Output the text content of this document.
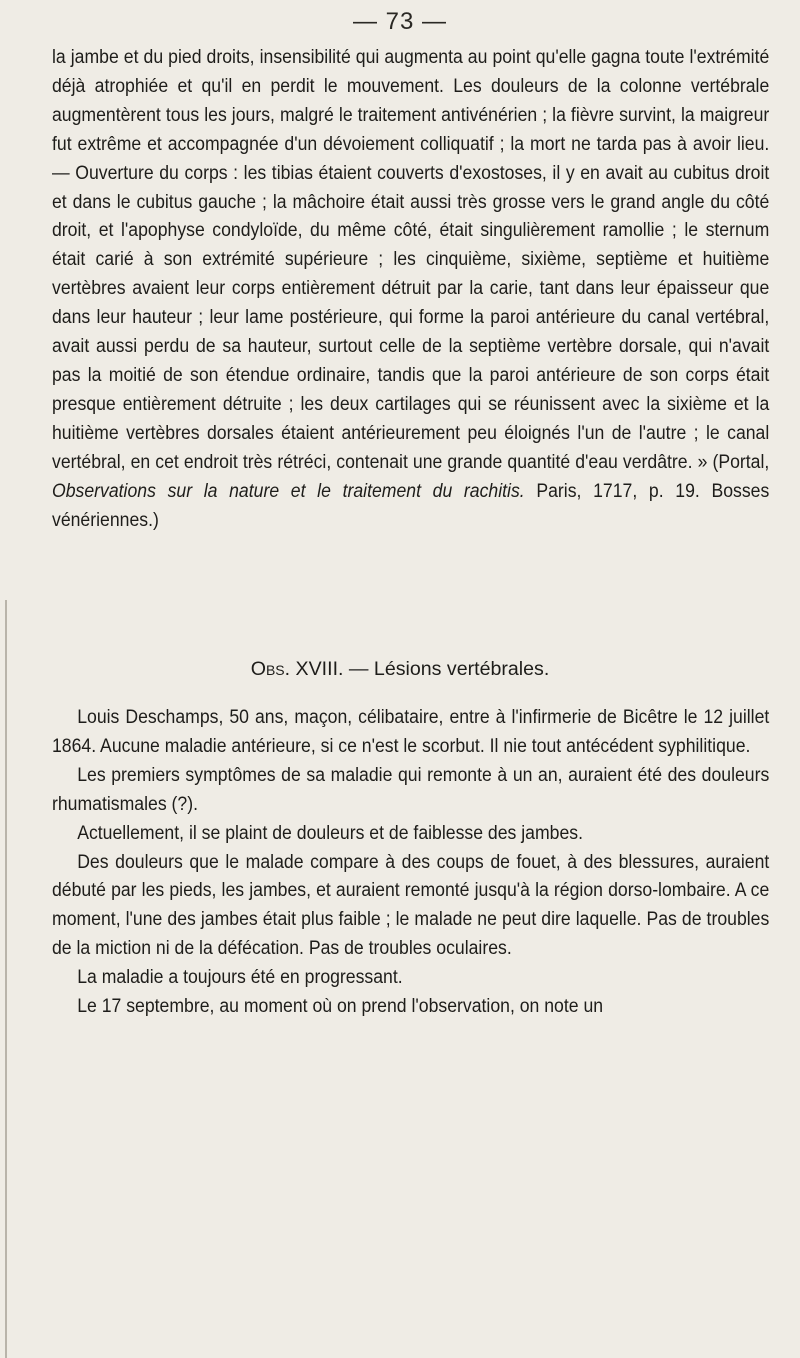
— 73 —

la jambe et du pied droits, insensibilité qui augmenta au point qu'elle gagna toute l'extrémité déjà atrophiée et qu'il en perdit le mouvement. Les douleurs de la colonne vertébrale augmentèrent tous les jours, malgré le traitement antivénérien ; la fièvre survint, la maigreur fut extrême et accompagnée d'un dévoiement colliquatif ; la mort ne tarda pas à avoir lieu. — Ouverture du corps : les tibias étaient couverts d'exostoses, il y en avait au cubitus droit et dans le cubitus gauche ; la mâchoire était aussi très grosse vers le grand angle du côté droit, et l'apophyse condyloïde, du même côté, était singulièrement ramollie ; le sternum était carié à son extrémité supérieure ; les cinquième, sixième, septième et huitième vertèbres avaient leur corps entièrement détruit par la carie, tant dans leur épaisseur que dans leur hauteur ; leur lame postérieure, qui forme la paroi antérieure du canal vertébral, avait aussi perdu de sa hauteur, surtout celle de la septième vertèbre dorsale, qui n'avait pas la moitié de son étendue ordinaire, tandis que la paroi antérieure de son corps était presque entièrement détruite ; les deux cartilages qui se réunissent avec la sixième et la huitième vertèbres dorsales étaient antérieurement peu éloignés l'un de l'autre ; le canal vertébral, en cet endroit très rétréci, contenait une grande quantité d'eau verdâtre. » (Portal, Observations sur la nature et le traitement du rachitis. Paris, 1717, p. 19. Bosses vénériennes.)

Obs. XVIII. — Lésions vertébrales.

Louis Deschamps, 50 ans, maçon, célibataire, entre à l'infirmerie de Bicêtre le 12 juillet 1864. Aucune maladie antérieure, si ce n'est le scorbut. Il nie tout antécédent syphilitique.

Les premiers symptômes de sa maladie qui remonte à un an, auraient été des douleurs rhumatismales (?).

Actuellement, il se plaint de douleurs et de faiblesse des jambes.

Des douleurs que le malade compare à des coups de fouet, à des blessures, auraient débuté par les pieds, les jambes, et auraient remonté jusqu'à la région dorso-lombaire. A ce moment, l'une des jambes était plus faible ; le malade ne peut dire laquelle. Pas de troubles de la miction ni de la défécation. Pas de troubles oculaires.

La maladie a toujours été en progressant.

Le 17 septembre, au moment où on prend l'observation, on note un
